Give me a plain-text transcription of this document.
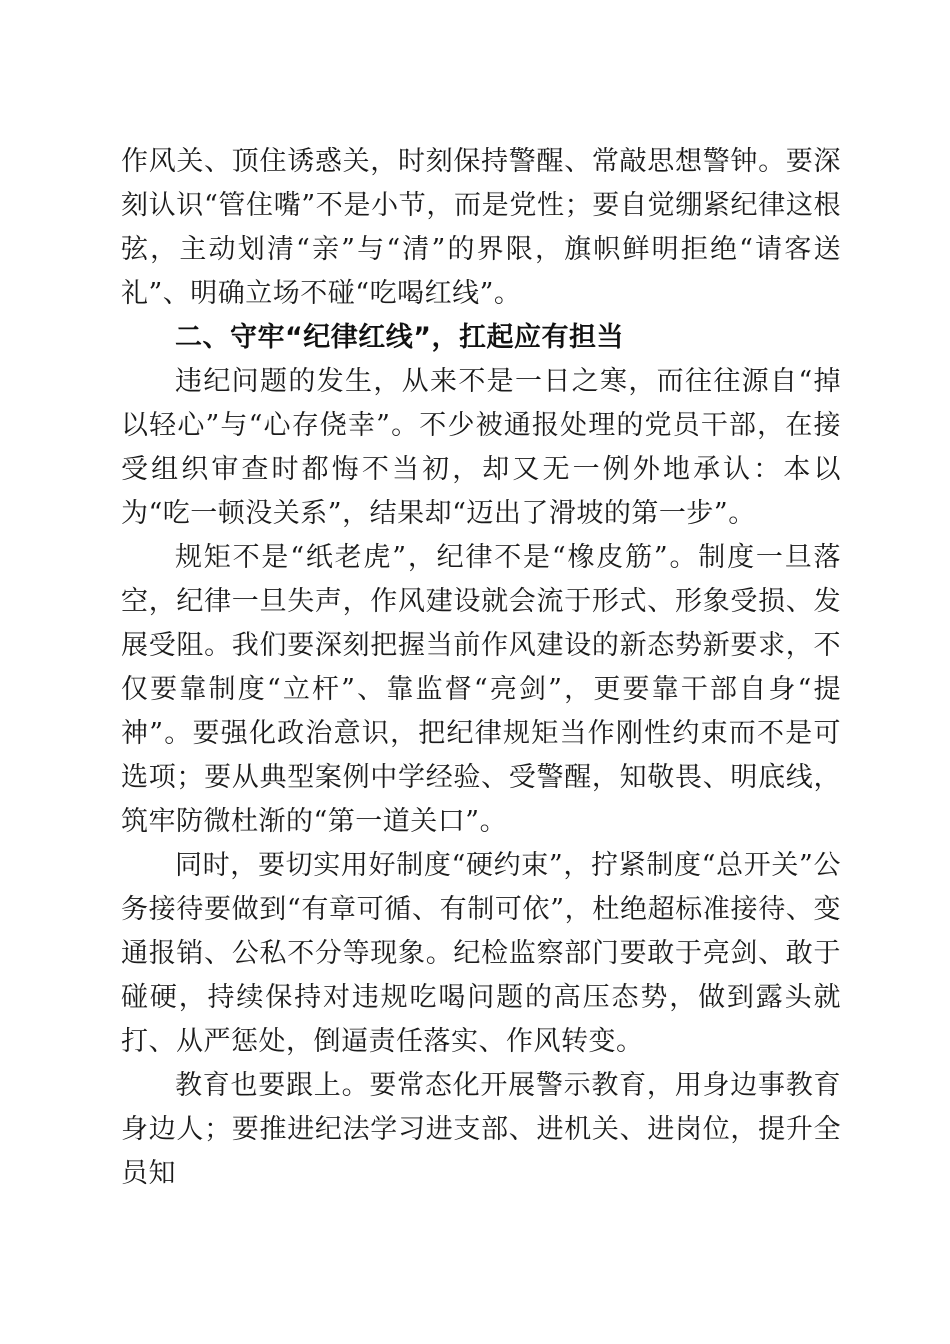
作风关、顶住诱惑关，时刻保持警醒、常敲思想警钟。要深刻认识“管住嘴”不是小节，而是党性；要自觉绷紧纪律这根弦，主动划清“亲”与“清”的界限，旗帜鲜明拒绝“请客送礼”、明确立场不碰“吃喝红线”。

二、守牢“纪律红线”，扛起应有担当

违纪问题的发生，从来不是一日之寒，而往往源自“掉以轻心”与“心存侥幸”。不少被通报处理的党员干部，在接受组织审查时都悔不当初，却又无一例外地承认：本以为“吃一顿没关系”，结果却“迈出了滑坡的第一步”。

规矩不是“纸老虎”，纪律不是“橡皮筋”。制度一旦落空，纪律一旦失声，作风建设就会流于形式、形象受损、发展受阻。我们要深刻把握当前作风建设的新态势新要求，不仅要靠制度“立杆”、靠监督“亮剑”，更要靠干部自身“提神”。要强化政治意识，把纪律规矩当作刚性约束而不是可选项；要从典型案例中学经验、受警醒，知敬畏、明底线，筑牢防微杜渐的“第一道关口”。

同时，要切实用好制度“硬约束”，拧紧制度“总开关”公务接待要做到“有章可循、有制可依”，杜绝超标准接待、变通报销、公私不分等现象。纪检监察部门要敢于亮剑、敢于碰硬，持续保持对违规吃喝问题的高压态势，做到露头就打、从严惩处，倒逼责任落实、作风转变。

教育也要跟上。要常态化开展警示教育，用身边事教育身边人；要推进纪法学习进支部、进机关、进岗位，提升全员知
